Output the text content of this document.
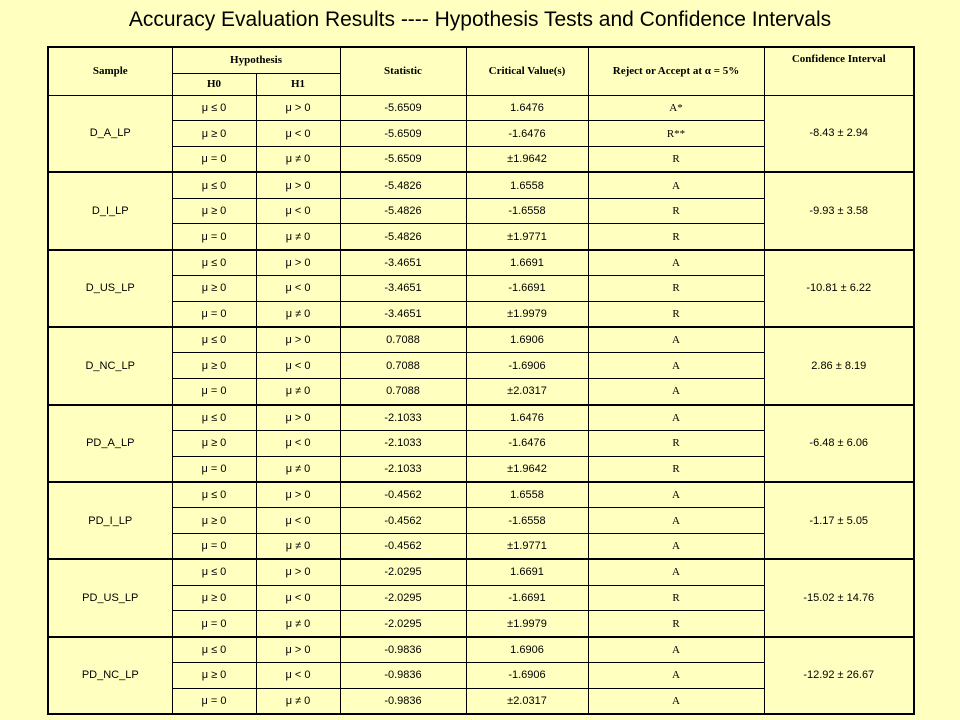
Accuracy Evaluation Results ---- Hypothesis Tests and Confidence Intervals
Sample	Hypothesis		Statistic	Critical Value(s)	Reject or Accept at α = 5%	Confidence Interval
	H0	H1				
D_A_LP	μ ≤ 0	μ > 0	-5.6509	1.6476	A*	-8.43 ± 2.94
	μ ≥ 0	μ < 0	-5.6509	-1.6476	R**	
	μ = 0	μ ≠ 0	-5.6509	±1.9642	R	
D_I_LP	μ ≤ 0	μ > 0	-5.4826	1.6558	A	-9.93 ± 3.58
	μ ≥ 0	μ < 0	-5.4826	-1.6558	R	
	μ = 0	μ ≠ 0	-5.4826	±1.9771	R	
D_US_LP	μ ≤ 0	μ > 0	-3.4651	1.6691	A	-10.81 ± 6.22
	μ ≥ 0	μ < 0	-3.4651	-1.6691	R	
	μ = 0	μ ≠ 0	-3.4651	±1.9979	R	
D_NC_LP	μ ≤ 0	μ > 0	0.7088	1.6906	A	2.86 ± 8.19
	μ ≥ 0	μ < 0	0.7088	-1.6906	A	
	μ = 0	μ ≠ 0	0.7088	±2.0317	A	
PD_A_LP	μ ≤ 0	μ > 0	-2.1033	1.6476	A	-6.48 ± 6.06
	μ ≥ 0	μ < 0	-2.1033	-1.6476	R	
	μ = 0	μ ≠ 0	-2.1033	±1.9642	R	
PD_I_LP	μ ≤ 0	μ > 0	-0.4562	1.6558	A	-1.17 ± 5.05
	μ ≥ 0	μ < 0	-0.4562	-1.6558	A	
	μ = 0	μ ≠ 0	-0.4562	±1.9771	A	
PD_US_LP	μ ≤ 0	μ > 0	-2.0295	1.6691	A	-15.02 ± 14.76
	μ ≥ 0	μ < 0	-2.0295	-1.6691	R	
	μ = 0	μ ≠ 0	-2.0295	±1.9979	R	
PD_NC_LP	μ ≤ 0	μ > 0	-0.9836	1.6906	A	-12.92 ± 26.67
	μ ≥ 0	μ < 0	-0.9836	-1.6906	A	
	μ = 0	μ ≠ 0	-0.9836	±2.0317	A	
